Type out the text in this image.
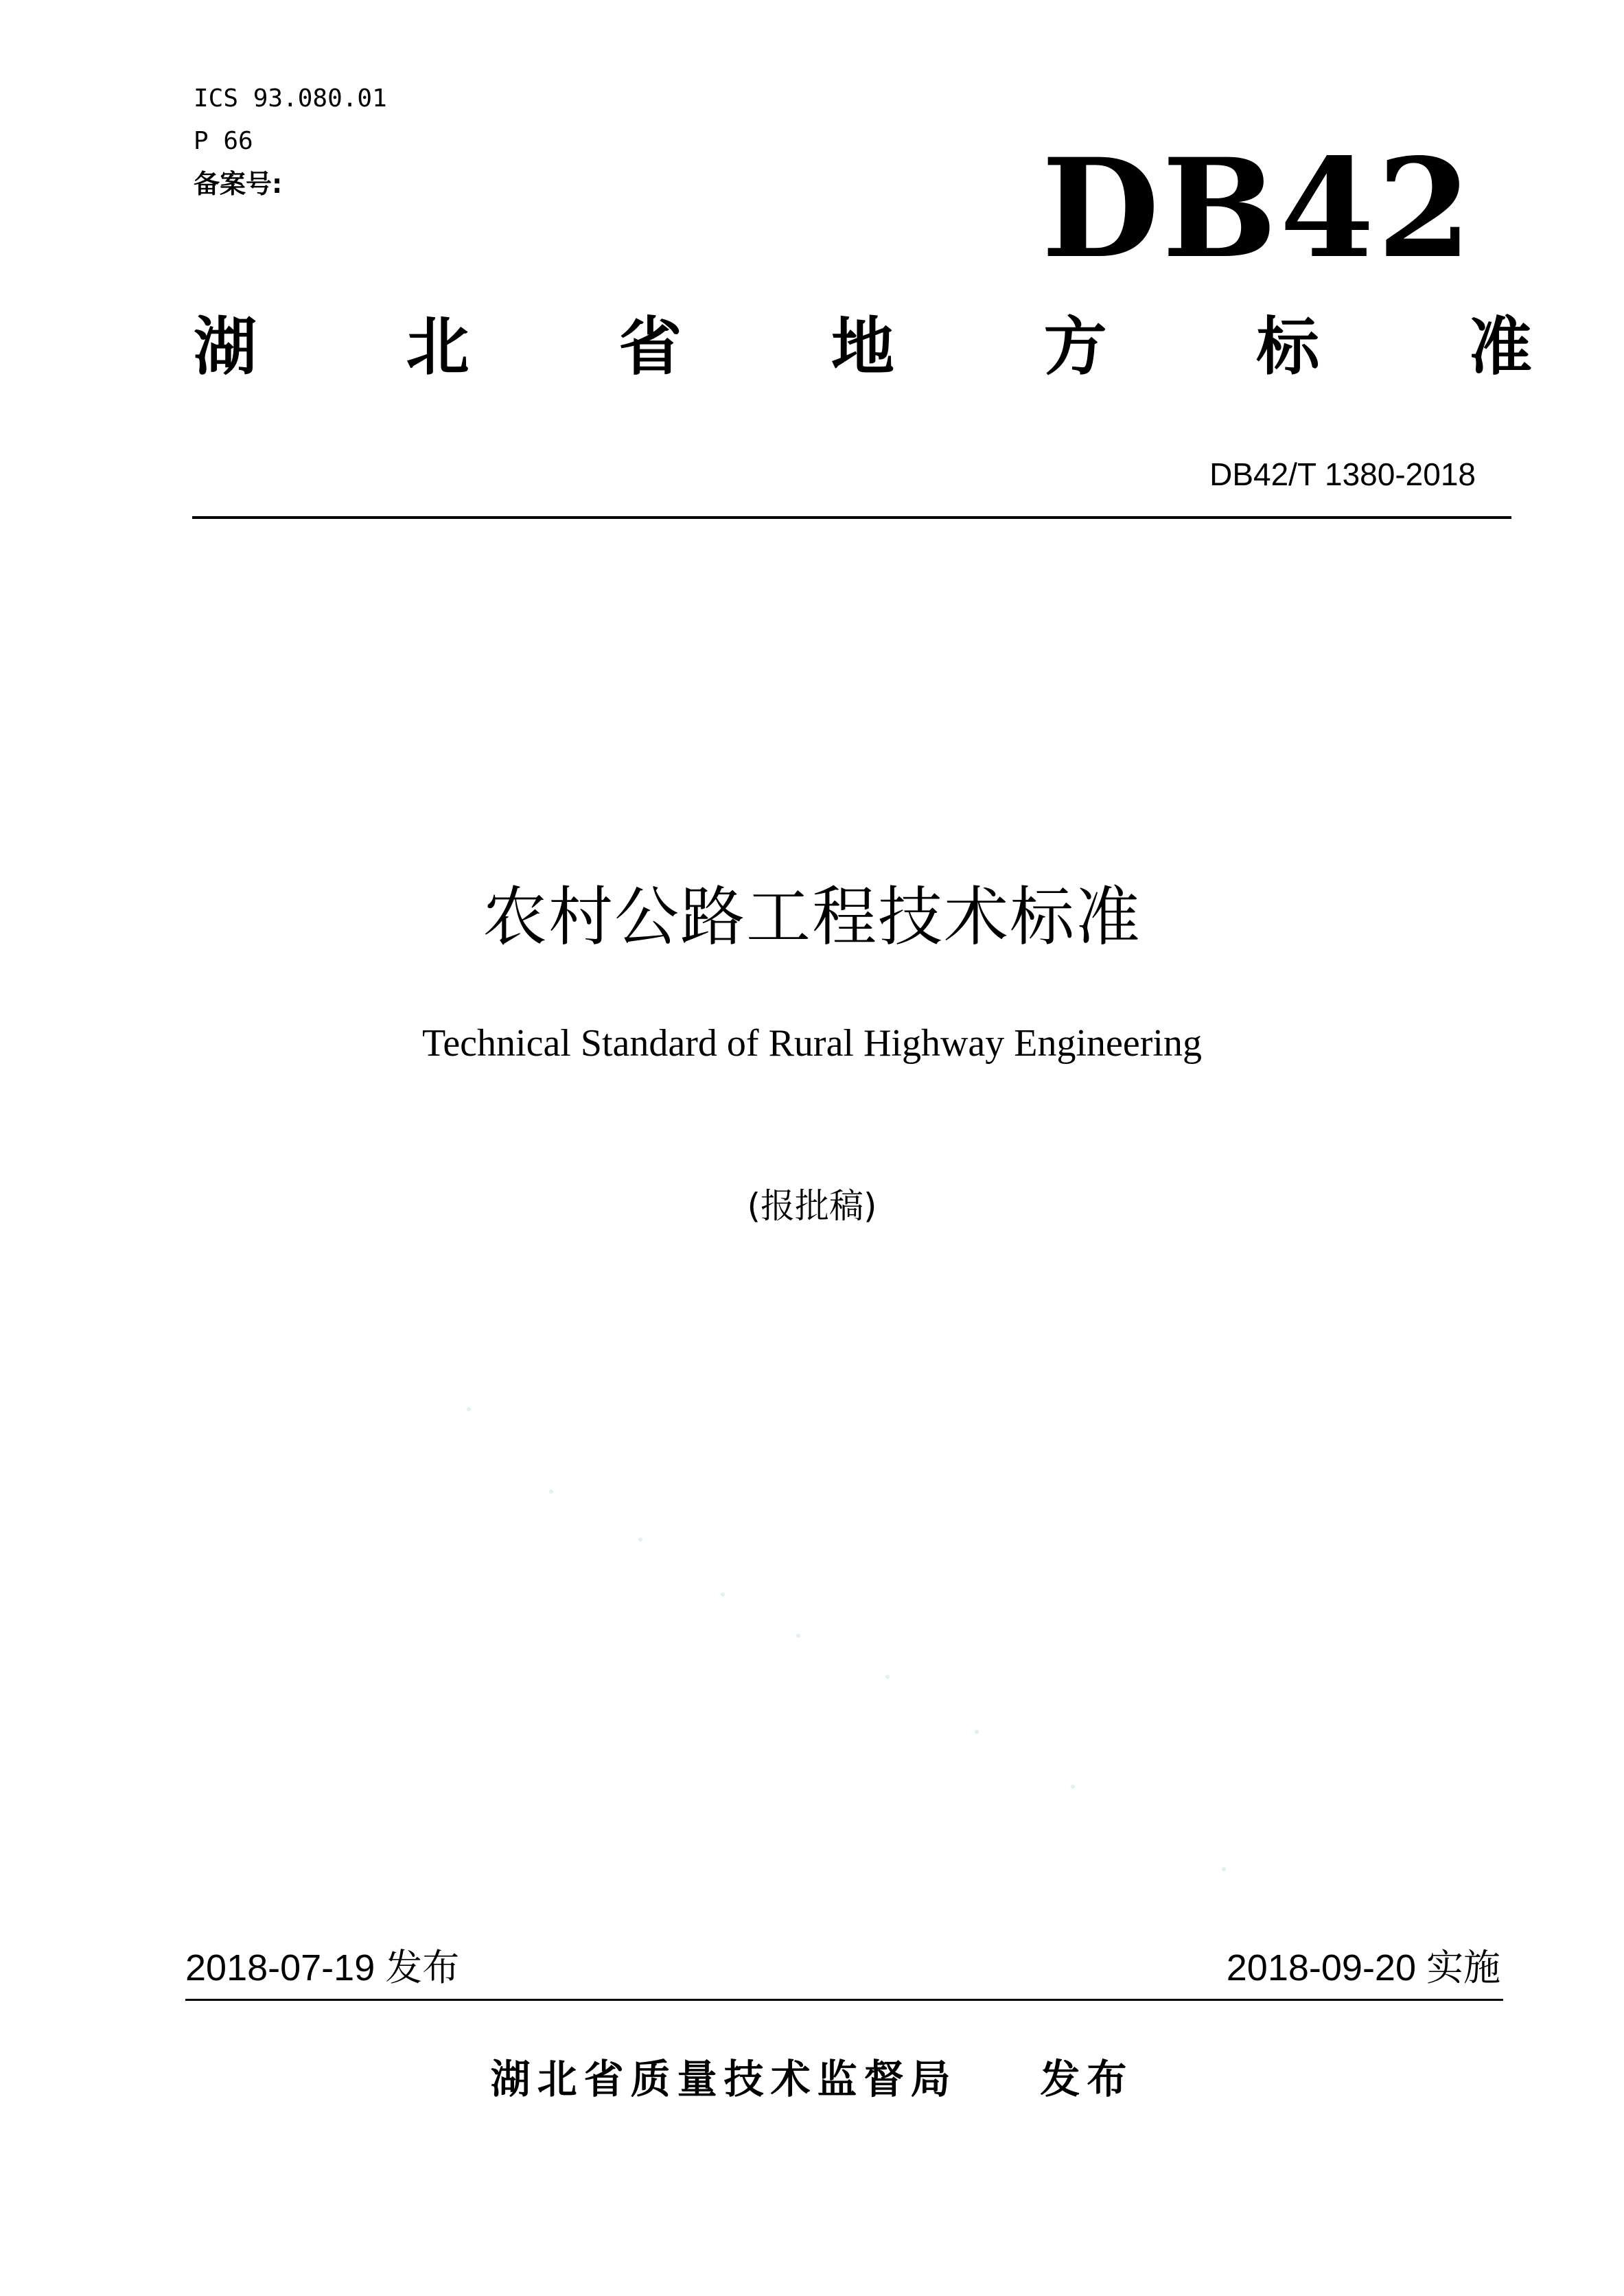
ICS 93.080.01
P 66
备案号:	DB42
湖 北 省 地 方 标 准
DB42/T 1380-2018
农村公路工程技术标准
Technical Standard of Rural Highway Engineering
(报批稿)
2018-07-19 发布	2018-09-20 实施
湖北省质量技术监督局    发布
